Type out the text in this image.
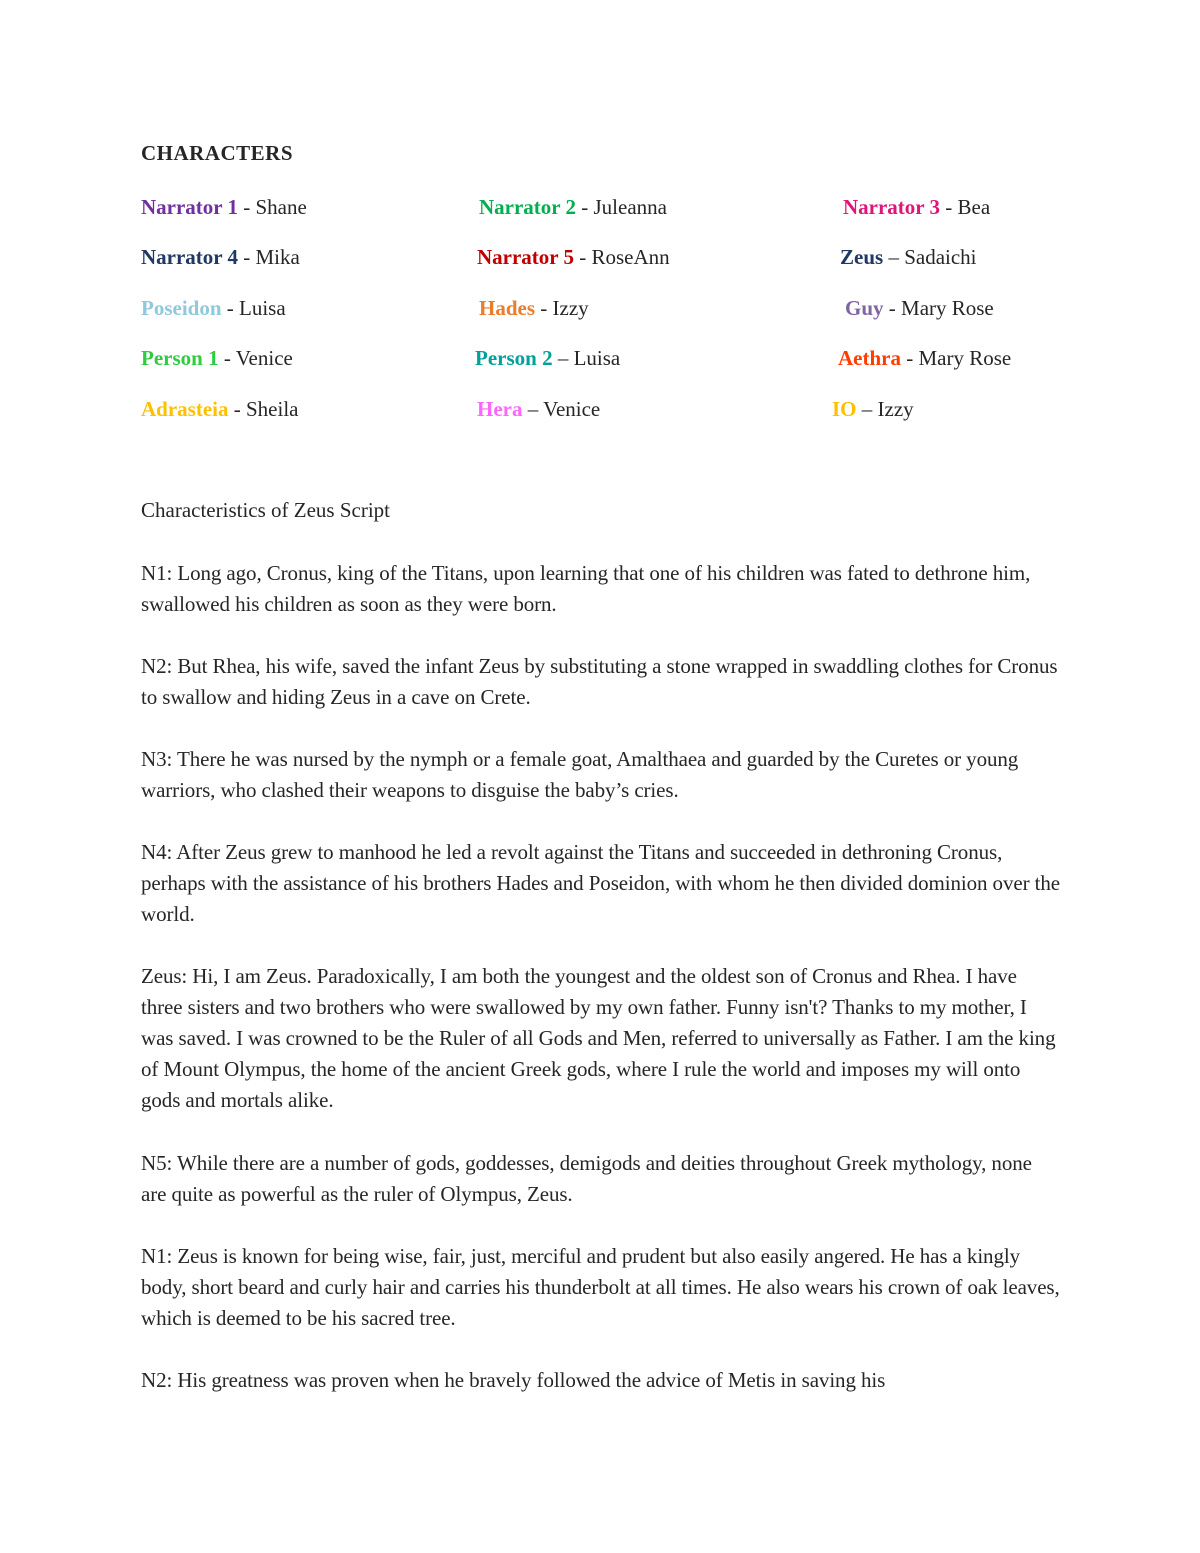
CHARACTERS
Narrator 1 - Shane	Narrator 2 - Juleanna	Narrator 3 - Bea
Narrator 4 - Mika	Narrator 5 - RoseAnn	Zeus – Sadaichi
Poseidon - Luisa	Hades - Izzy	Guy - Mary Rose
Person 1 - Venice	Person 2 – Luisa	Aethra - Mary Rose
Adrasteia - Sheila	Hera – Venice	IO – Izzy
Characteristics of Zeus Script

N1: Long ago, Cronus, king of the Titans, upon learning that one of his children was fated to dethrone him, swallowed his children as soon as they were born.

N2: But Rhea, his wife, saved the infant Zeus by substituting a stone wrapped in swaddling clothes for Cronus to swallow and hiding Zeus in a cave on Crete.

N3: There he was nursed by the nymph or a female goat, Amalthaea and guarded by the Curetes or young warriors, who clashed their weapons to disguise the baby’s cries.

N4: After Zeus grew to manhood he led a revolt against the Titans and succeeded in dethroning Cronus, perhaps with the assistance of his brothers Hades and Poseidon, with whom he then divided dominion over the world.

Zeus: Hi, I am Zeus. Paradoxically, I am both the youngest and the oldest son of Cronus and Rhea. I have three sisters and two brothers who were swallowed by my own father. Funny isn't? Thanks to my mother, I was saved. I was crowned to be the Ruler of all Gods and Men, referred to universally as Father. I am the king of Mount Olympus, the home of the ancient Greek gods, where I rule the world and imposes my will onto gods and mortals alike.

N5: While there are a number of gods, goddesses, demigods and deities throughout Greek mythology, none are quite as powerful as the ruler of Olympus, Zeus.

N1: Zeus is known for being wise, fair, just, merciful and prudent but also easily angered. He has a kingly body, short beard and curly hair and carries his thunderbolt at all times. He also wears his crown of oak leaves, which is deemed to be his sacred tree.

N2: His greatness was proven when he bravely followed the advice of Metis in saving his
